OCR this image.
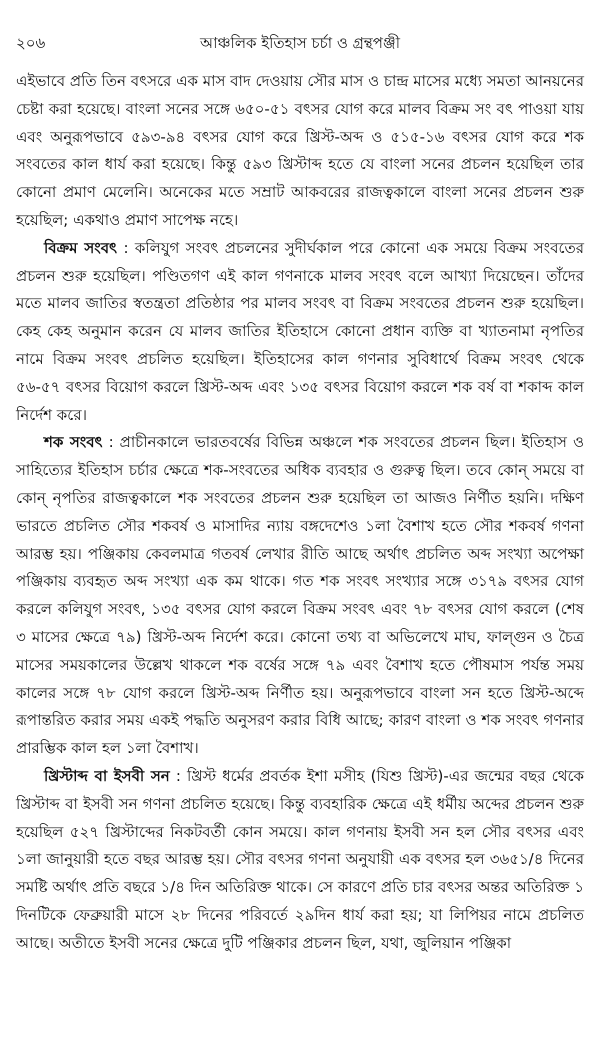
২০৬	আঞ্চলিক ইতিহাস চর্চা ও গ্রন্থপঞ্জী

এইভাবে প্রতি তিন বৎসরে এক মাস বাদ দেওয়ায় সৌর মাস ও চান্দ্র মাসের মধ্যে সমতা আনয়নের চেষ্টা করা হয়েছে। বাংলা সনের সঙ্গে ৬৫০-৫১ বৎসর যোগ করে মালব বিক্রম সং বৎ পাওয়া যায় এবং অনুরূপভাবে ৫৯৩-৯৪ বৎসর যোগ করে খ্রিস্ট-অব্দ ও ৫১৫-১৬ বৎসর যোগ করে শক সংবতের কাল ধার্য করা হয়েছে। কিন্তু ৫৯৩ খ্রিস্টাব্দ হতে যে বাংলা সনের প্রচলন হয়েছিল তার কোনো প্রমাণ মেলেনি। অনেকের মতে সম্রাট আকবরের রাজত্বকালে বাংলা সনের প্রচলন শুরু হয়েছিল; একথাও প্রমাণ সাপেক্ষ নহে।

বিক্রম সংবৎ : কলিযুগ সংবৎ প্রচলনের সুদীর্ঘকাল পরে কোনো এক সময়ে বিক্রম সংবতের প্রচলন শুরু হয়েছিল। পণ্ডিতগণ এই কাল গণনাকে মালব সংবৎ বলে আখ্যা দিয়েছেন। তাঁদের মতে মালব জাতির স্বতন্ত্রতা প্রতিষ্ঠার পর মালব সংবৎ বা বিক্রম সংবতের প্রচলন শুরু হয়েছিল। কেহ কেহ অনুমান করেন যে মালব জাতির ইতিহাসে কোনো প্রধান ব্যক্তি বা খ্যাতনামা নৃপতির নামে বিক্রম সংবৎ প্রচলিত হয়েছিল। ইতিহাসের কাল গণনার সুবিধার্থে বিক্রম সংবৎ থেকে ৫৬-৫৭ বৎসর বিয়োগ করলে খ্রিস্ট-অব্দ এবং ১৩৫ বৎসর বিয়োগ করলে শক বর্ষ বা শকাব্দ কাল নির্দেশ করে।

শক সংবৎ : প্রাচীনকালে ভারতবর্ষের বিভিন্ন অঞ্চলে শক সংবতের প্রচলন ছিল। ইতিহাস ও সাহিত্যের ইতিহাস চর্চার ক্ষেত্রে শক-সংবতের অধিক ব্যবহার ও গুরুত্ব ছিল। তবে কোন্ সময়ে বা কোন্ নৃপতির রাজত্বকালে শক সংবতের প্রচলন শুরু হয়েছিল তা আজও নির্ণীত হয়নি। দক্ষিণ ভারতে প্রচলিত সৌর শকবর্ষ ও মাসাদির ন্যায় বঙ্গদেশেও ১লা বৈশাখ হতে সৌর শকবর্ষ গণনা আরম্ভ হয়। পঞ্জিকায় কেবলমাত্র গতবর্ষ লেখার রীতি আছে অর্থাৎ প্রচলিত অব্দ সংখ্যা অপেক্ষা পঞ্জিকায় ব্যবহৃত অব্দ সংখ্যা এক কম থাকে। গত শক সংবৎ সংখ্যার সঙ্গে ৩১৭৯ বৎসর যোগ করলে কলিযুগ সংবৎ, ১৩৫ বৎসর যোগ করলে বিক্রম সংবৎ এবং ৭৮ বৎসর যোগ করলে (শেষ ৩ মাসের ক্ষেত্রে ৭৯) খ্রিস্ট-অব্দ নির্দেশ করে। কোনো তথ্য বা অভিলেখে মাঘ, ফাল্গুন ও চৈত্র মাসের সময়কালের উল্লেখ থাকলে শক বর্ষের সঙ্গে ৭৯ এবং বৈশাখ হতে পৌষমাস পর্যন্ত সময় কালের সঙ্গে ৭৮ যোগ করলে খ্রিস্ট-অব্দ নির্ণীত হয়। অনুরূপভাবে বাংলা সন হতে খ্রিস্ট-অব্দে রূপান্তরিত করার সময় একই পদ্ধতি অনুসরণ করার বিধি আছে; কারণ বাংলা ও শক সংবৎ গণনার প্রারম্ভিক কাল হল ১লা বৈশাখ।

খ্রিস্টাব্দ বা ইসবী সন : খ্রিস্ট ধর্মের প্রবর্তক ইশা মসীহ (যিশু খ্রিস্ট)-এর জন্মের বছর থেকে খ্রিস্টাব্দ বা ইসবী সন গণনা প্রচলিত হয়েছে। কিন্তু ব্যবহারিক ক্ষেত্রে এই ধর্মীয় অব্দের প্রচলন শুরু হয়েছিল ৫২৭ খ্রিস্টাব্দের নিকটবর্তী কোন সময়ে। কাল গণনায় ইসবী সন হল সৌর বৎসর এবং ১লা জানুয়ারী হতে বছর আরম্ভ হয়। সৌর বৎসর গণনা অনুযায়ী এক বৎসর হল ৩৬৫১/৪ দিনের সমষ্টি অর্থাৎ প্রতি বছরে ১/৪ দিন অতিরিক্ত থাকে। সে কারণে প্রতি চার বৎসর অন্তর অতিরিক্ত ১ দিনটিকে ফেব্রুয়ারী মাসে ২৮ দিনের পরিবর্তে ২৯দিন ধার্য করা হয়; যা লিপিয়র নামে প্রচলিত আছে। অতীতে ইসবী সনের ক্ষেত্রে দুটি পঞ্জিকার প্রচলন ছিল, যথা, জুলিয়ান পঞ্জিকা
